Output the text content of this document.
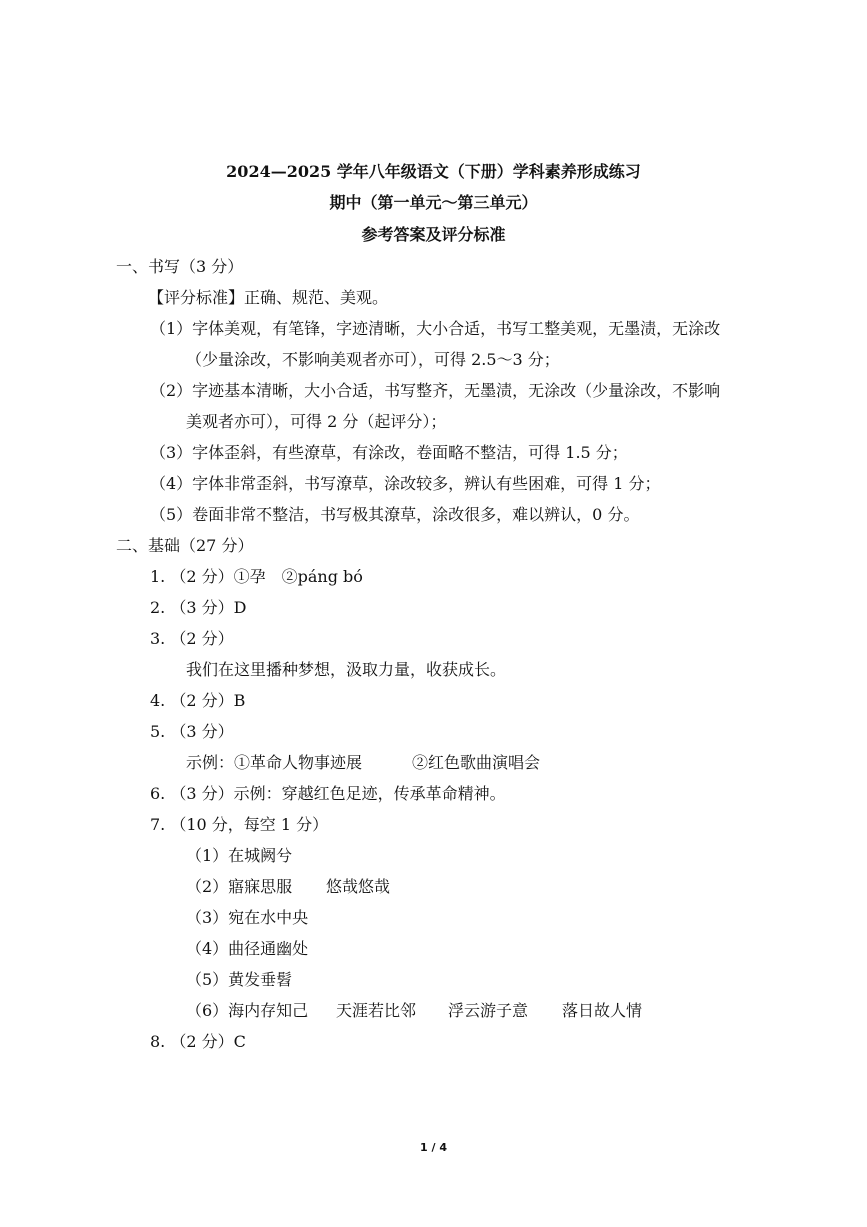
2024—2025 学年八年级语文（下册）学科素养形成练习
期中（第一单元～第三单元）
参考答案及评分标准
一、书写（3 分）
【评分标准】正确、规范、美观。
（1）字体美观，有笔锋，字迹清晰，大小合适，书写工整美观，无墨渍，无涂改
（少量涂改，不影响美观者亦可），可得 2.5～3 分；
（2）字迹基本清晰，大小合适，书写整齐，无墨渍，无涂改（少量涂改，不影响
美观者亦可），可得 2 分（起评分）；
（3）字体歪斜，有些潦草，有涂改，卷面略不整洁，可得 1.5 分；
（4）字体非常歪斜，书写潦草，涂改较多，辨认有些困难，可得 1 分；
（5）卷面非常不整洁，书写极其潦草，涂改很多，难以辨认，0 分。
二、基础（27 分）
1. （2 分）①孕　②páng bó
2. （3 分）D
3. （2 分）
我们在这里播种梦想，汲取力量，收获成长。
4. （2 分）B
5. （3 分）
示例：①革命人物事迹展	②红色歌曲演唱会
6. （3 分）示例：穿越红色足迹，传承革命精神。
7. （10 分，每空 1 分）
（1）在城阙兮
（2）寤寐思服 悠哉悠哉
（3）宛在水中央
（4）曲径通幽处
（5）黄发垂髫
（6）海内存知己 天涯若比邻 浮云游子意 落日故人情
8. （2 分）C
1 / 4
